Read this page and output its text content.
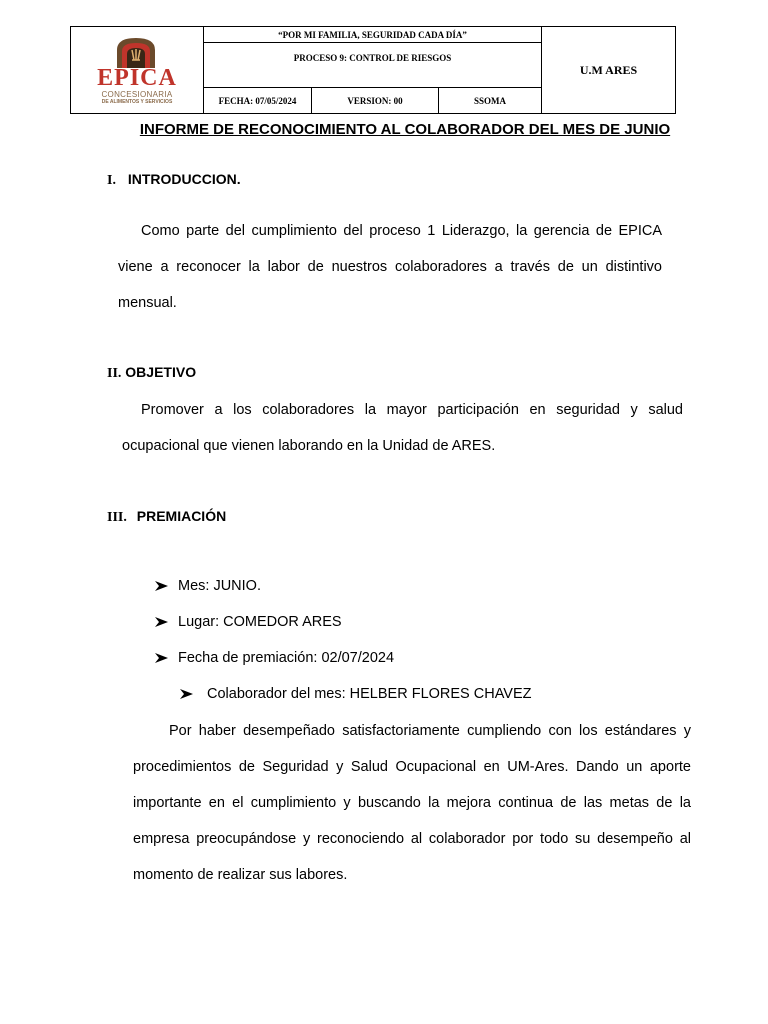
EPICA
CONCESIONARIA
DE ALIMENTOS Y SERVICIOS
“POR MI FAMILIA, SEGURIDAD CADA DÍA”
PROCESO 9: CONTROL DE RIESGOS
FECHA: 07/05/2024	VERSION: 00	SSOMA
U.M ARES
INFORME DE RECONOCIMIENTO AL COLABORADOR DEL MES DE JUNIO
I. INTRODUCCION.
Como parte del cumplimiento del proceso 1 Liderazgo, la gerencia de EPICA
viene a reconocer la labor de nuestros colaboradores a través de un distintivo
mensual.
II. OBJETIVO
Promover a los colaboradores la mayor participación en seguridad y salud
ocupacional que vienen laborando en la Unidad de ARES.
III. PREMIACIÓN
Mes: JUNIO.
Lugar: COMEDOR ARES
Fecha de premiación: 02/07/2024
Colaborador del mes: HELBER FLORES CHAVEZ
Por haber desempeñado satisfactoriamente cumpliendo con los estándares y
procedimientos de Seguridad y Salud Ocupacional en UM-Ares. Dando un aporte
importante en el cumplimiento y buscando la mejora continua de las metas de la
empresa preocupándose y reconociendo al colaborador por todo su desempeño al
momento de realizar sus labores.
